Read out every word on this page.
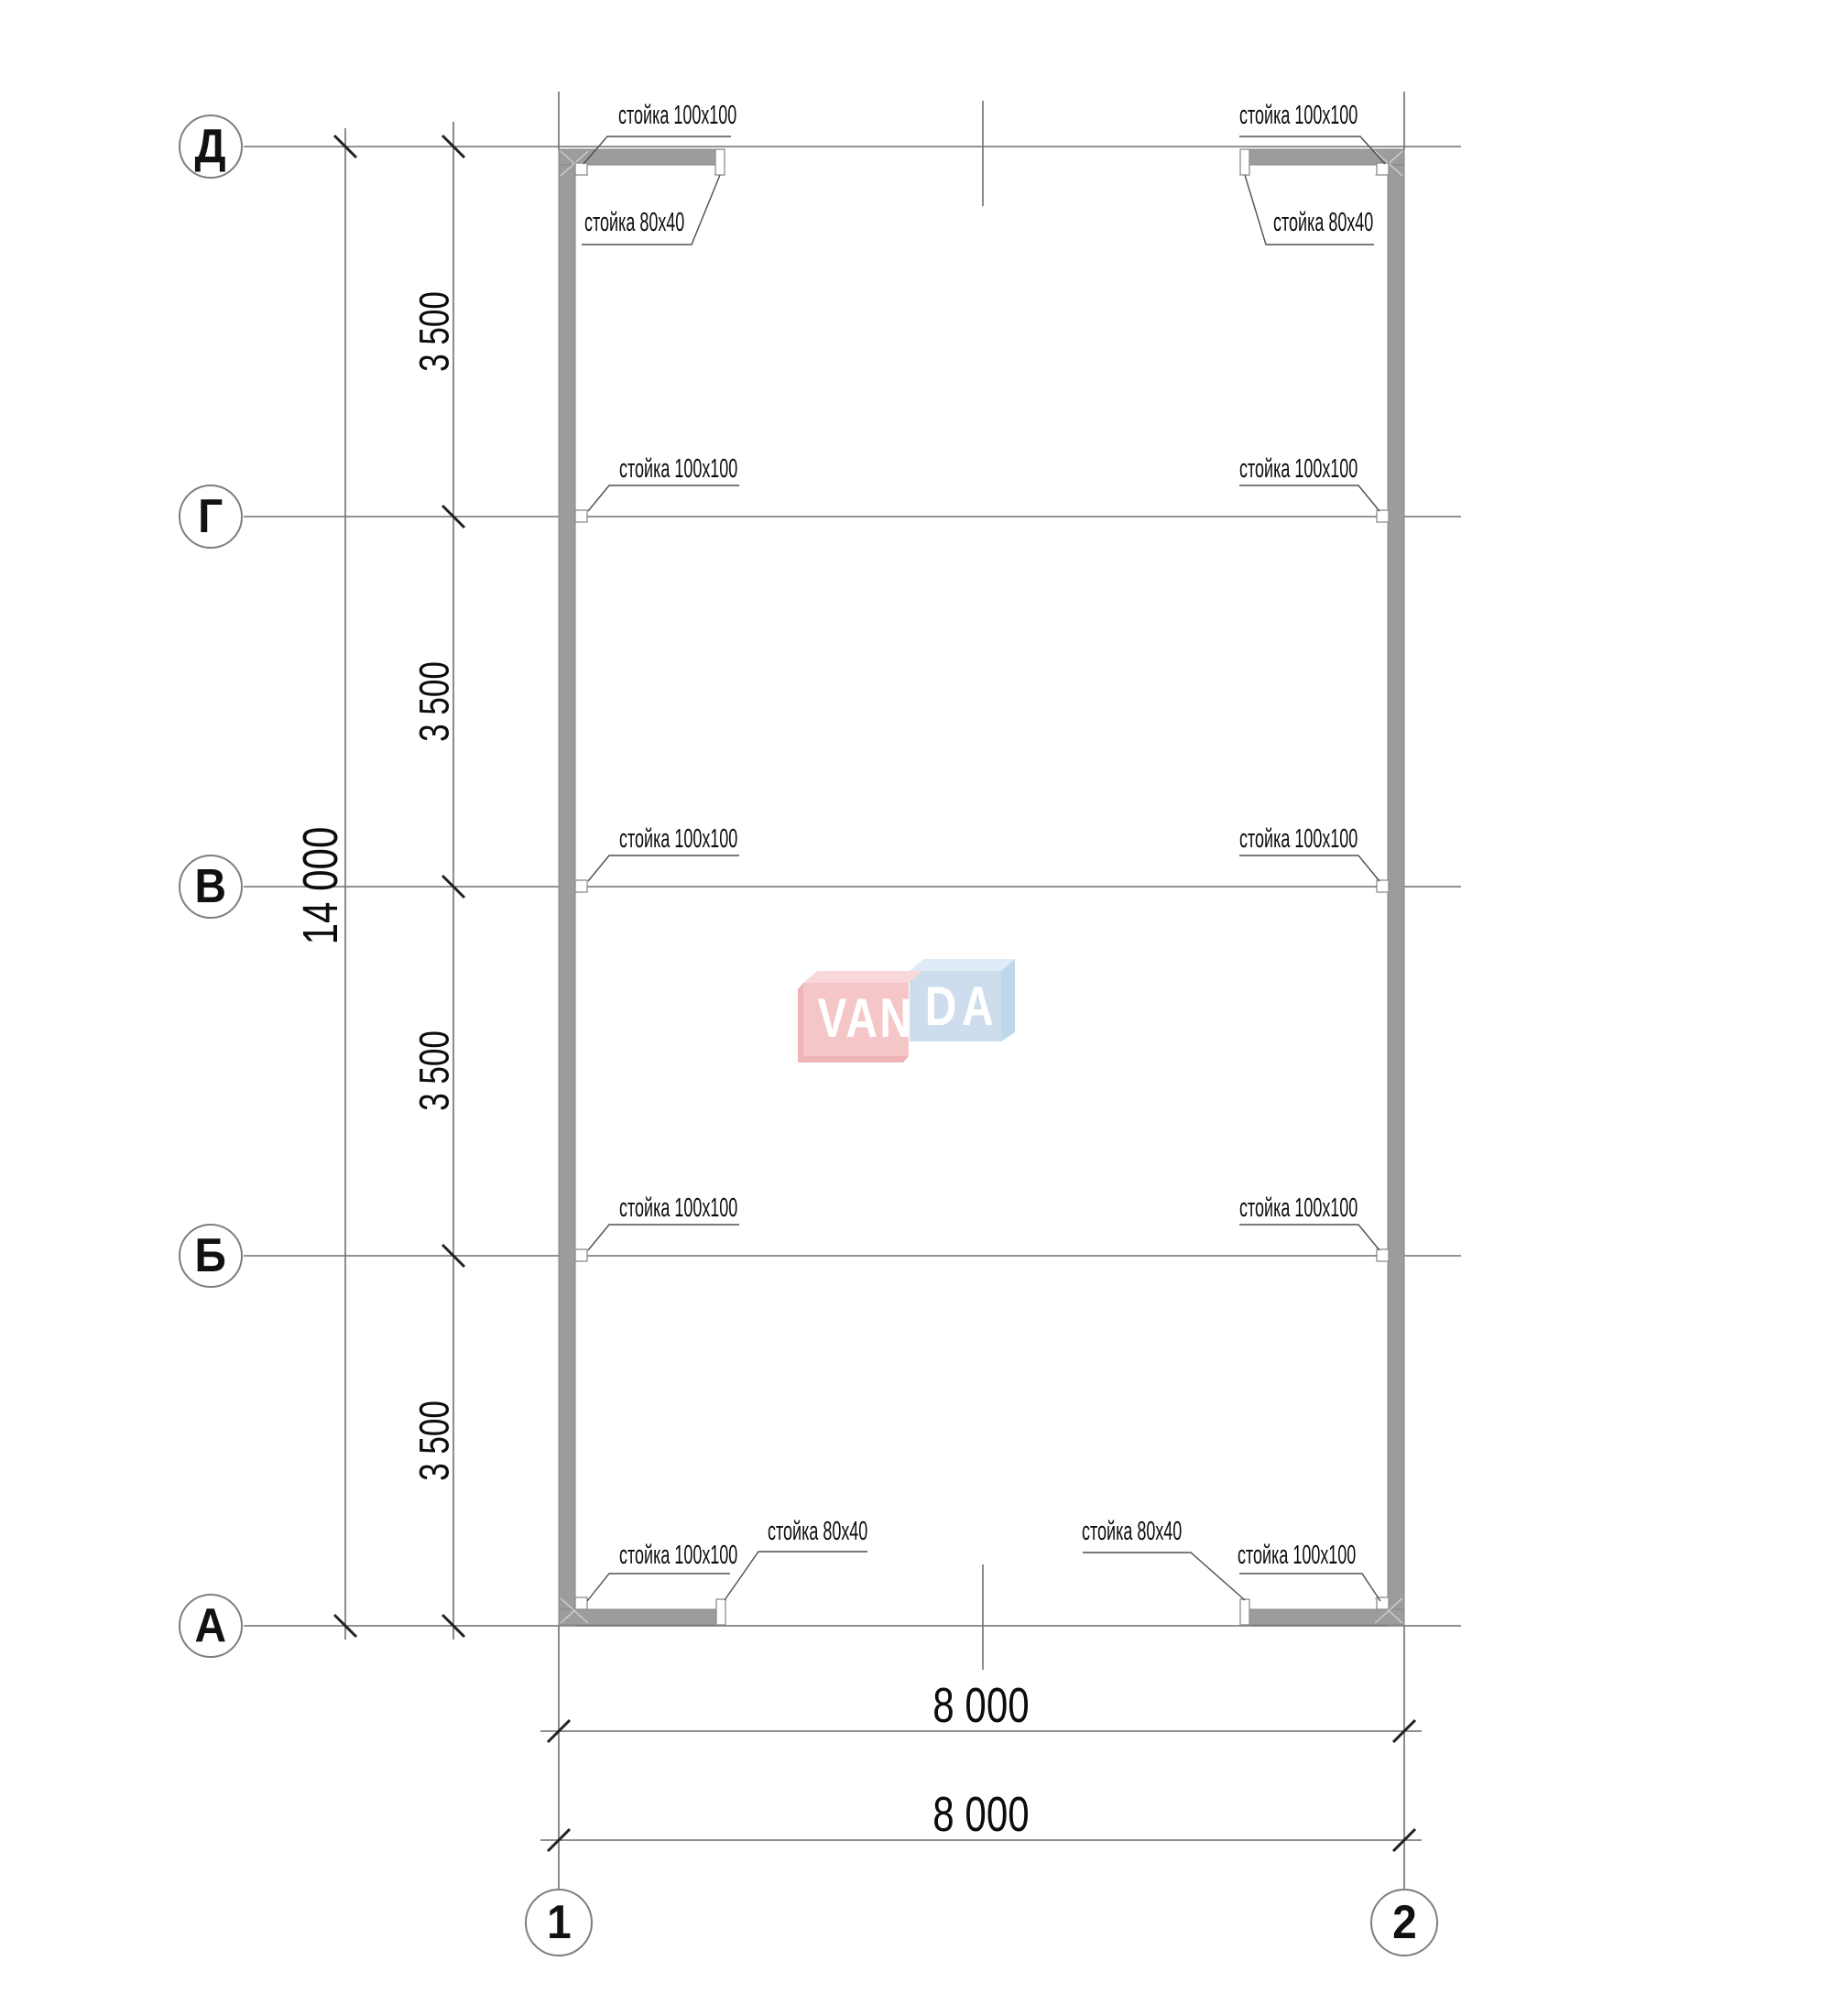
Д
Г
В
Б
А
1	2
14 000
3 500
3 500
3 500
3 500
8 000
8 000
стойка 100x100	стойка 100x100
стойка 100x100	стойка 100x100
стойка 100x100	стойка 100x100
стойка 100x100	стойка 100x100
стойка 100x100	стойка 100x100
стойка 80x40	стойка 80x40
стойка 80x40	стойка 80x40
VAN DA
